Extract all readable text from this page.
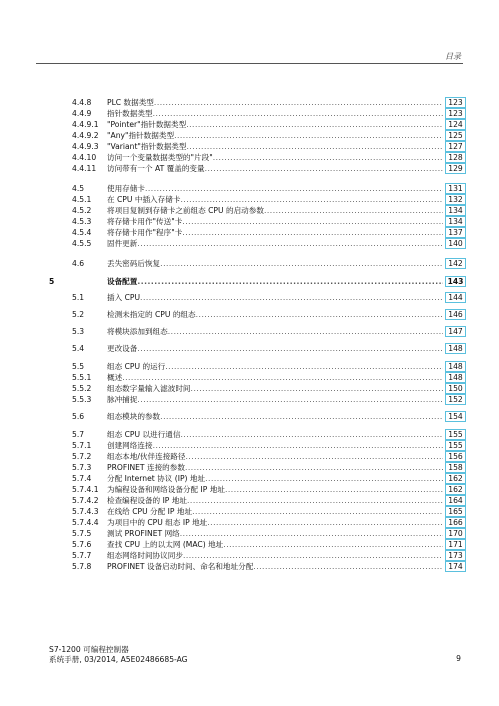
目录
4.4.8 PLC 数据类型 .....	123
4.4.9 指针数据类型 .....	123
4.4.9.1 "Pointer"指针数据类型 .....	124
4.4.9.2 "Any"指针数据类型 .....	125
4.4.9.3 "Variant"指针数据类型 .....	127
4.4.10 访问一个变量数据类型的"片段" .....	128
4.4.11 访问带有一个 AT 覆盖的变量 .....	129
4.5	使用存储卡 .....	131
4.5.1 在 CPU 中插入存储卡 .....	132
4.5.2 将项目复制到存储卡之前组态 CPU 的启动参数 .....	134
4.5.3 将存储卡用作"传送"卡 .....	134
4.5.4 将存储卡用作"程序"卡 .....	137
4.5.5 固件更新 .....	140
4.6	丢失密码后恢复 .....	142
5	设备配置 .....	143
5.1	插入 CPU .....	144
5.2	检测未指定的 CPU 的组态 .....	146
5.3	将模块添加到组态 .....	147
5.4	更改设备 .....	148
5.5	组态 CPU 的运行 .....	148
5.5.1 概述 .....	148
5.5.2 组态数字量输入滤波时间 .....	150
5.5.3 脉冲捕捉 .....	152
5.6	组态模块的参数 .....	154
5.7	组态 CPU 以进行通信 .....	155
5.7.1 创建网络连接 .....	155
5.7.2 组态本地/伙伴连接路径 .....	156
5.7.3 PROFINET 连接的参数 .....	158
5.7.4 分配 Internet 协议 (IP) 地址 .....	162
5.7.4.1 为编程设备和网络设备分配 IP 地址 .....	162
5.7.4.2 检查编程设备的 IP 地址 .....	164
5.7.4.3 在线给 CPU 分配 IP 地址 .....	165
5.7.4.4 为项目中的 CPU 组态 IP 地址 .....	166
5.7.5 测试 PROFINET 网络 .....	170
5.7.6 查找 CPU 上的以太网 (MAC) 地址 .....	171
5.7.7 组态网络时间协议同步 .....	173
5.7.8 PROFINET 设备启动时间、命名和地址分配 .....	174
S7-1200 可编程控制器
系统手册, 03/2014, A5E02486685-AG	9
